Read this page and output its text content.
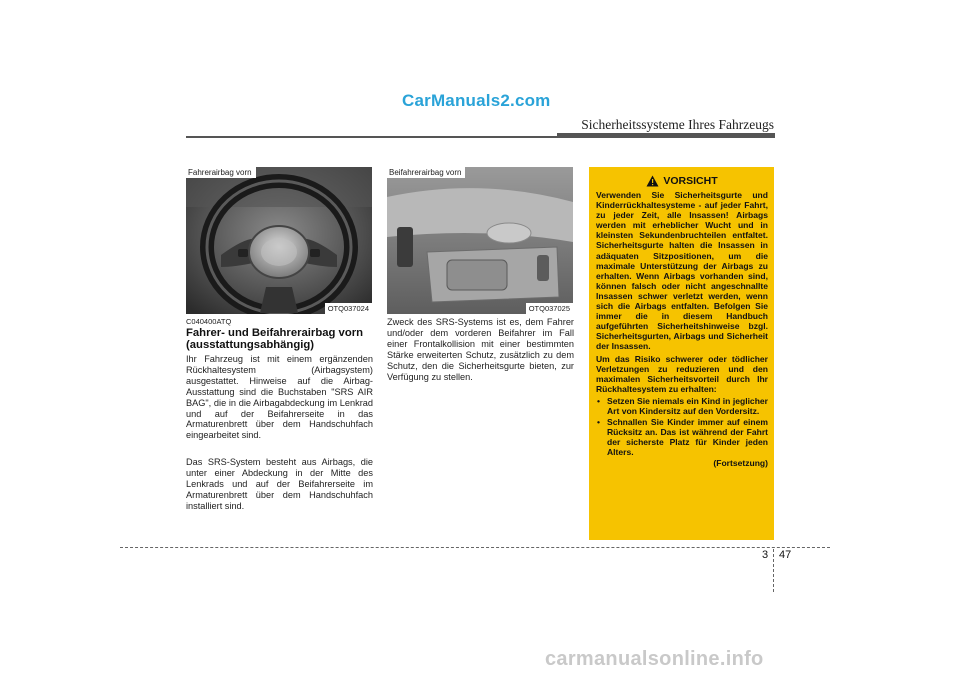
CarManuals2.com
Sicherheitssysteme Ihres Fahrzeugs
Fahrerairbag vorn
OTQ037024
Beifahrerairbag vorn
OTQ037025
C040400ATQ
Fahrer- und Beifahrerairbag vorn (ausstattungsabhängig)
Ihr Fahrzeug ist mit einem ergänzenden Rückhaltesystem (Airbagsystem) ausgestattet. Hinweise auf die Airbag-Ausstattung sind die Buchstaben "SRS AIR BAG", die in die Airbagabdeckung im Lenkrad und auf der Beifahrerseite in das Armaturenbrett über dem Handschuhfach eingearbeitet sind.
Das SRS-System besteht aus Airbags, die unter einer Abdeckung in der Mitte des Lenkrads und auf der Beifahrerseite im Armaturenbrett über dem Handschuhfach installiert sind.
Zweck des SRS-Systems ist es, dem Fahrer und/oder dem vorderen Beifahrer im Fall einer Frontalkollision mit einer bestimmten Stärke erweiterten Schutz, zusätzlich zu dem Schutz, den die Sicherheitsgurte bieten, zur Verfügung zu stellen.
VORSICHT
Verwenden Sie Sicherheitsgurte und Kinderrückhaltesysteme - auf jeder Fahrt, zu jeder Zeit, alle Insassen! Airbags werden mit erheblicher Wucht und in kleinsten Sekundenbruchteilen entfaltet. Sicherheitsgurte halten die Insassen in adäquaten Sitzpositionen, um die maximale Unterstützung der Airbags zu erhalten. Wenn Airbags vorhanden sind, können falsch oder nicht angeschnallte Insassen schwer verletzt werden, wenn sich die Airbags entfalten. Befolgen Sie immer die in diesem Handbuch aufgeführten Sicherheitshinweise bzgl. Sicherheitsgurten, Airbags und Sicherheit der Insassen.
Um das Risiko schwerer oder tödlicher Verletzungen zu reduzieren und den maximalen Sicherheitsvorteil durch Ihr Rückhaltesystem zu erhalten:
• Setzen Sie niemals ein Kind in jeglicher Art von Kindersitz auf den Vordersitz.
• Schnallen Sie Kinder immer auf einem Rücksitz an. Das ist während der Fahrt der sicherste Platz für Kinder jeden Alters.
(Fortsetzung)
3 47
carmanualsonline.info
